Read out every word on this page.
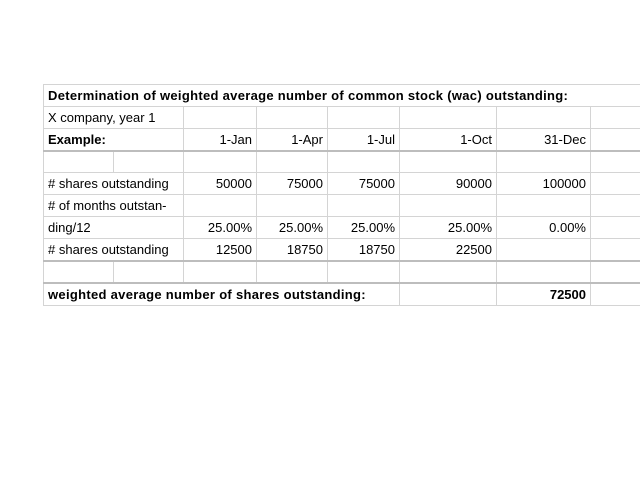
Determination of weighted average number of common stock (wac) outstanding:							
X company, year 1							
Example:		1-Jan	1-Apr	1-Jul	1-Oct	31-Dec	

# shares outstanding		50000	75000	75000	90000	100000	
# of months outstan-							
ding/12		25.00%	25.00%	25.00%	25.00%	0.00%	
# shares outstanding		12500	18750	18750	22500		

weighted average number of shares outstanding:						72500	
